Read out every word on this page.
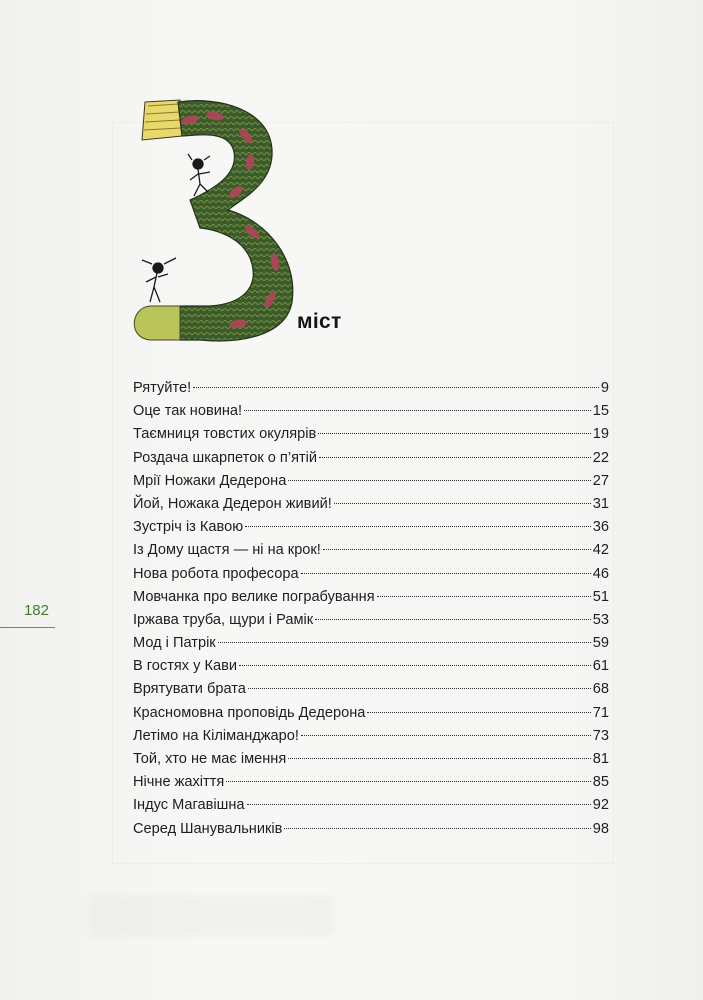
міст
Рятуйте!	9
Оце так новина!	15
Таємниця товстих окулярів	19
Роздача шкарпеток о п’ятій	22
Мрії Ножаки Дедерона	27
Йой, Ножака Дедерон живий!	31
Зустріч із Кавою	36
Із Дому щастя — ні на крок!	42
Нова робота професора	46
Мовчанка про велике пограбування	51
Іржава труба, щури і Рамік	53
Мод і Патрік	59
В гостях у Кави	61
Врятувати брата	68
Красномовна проповідь Дедерона	71
Летімо на Кіліманджаро!	73
Той, хто не має імення	81
Нічне жахіття	85
Індус Магавішна	92
Серед Шанувальників	98
182
